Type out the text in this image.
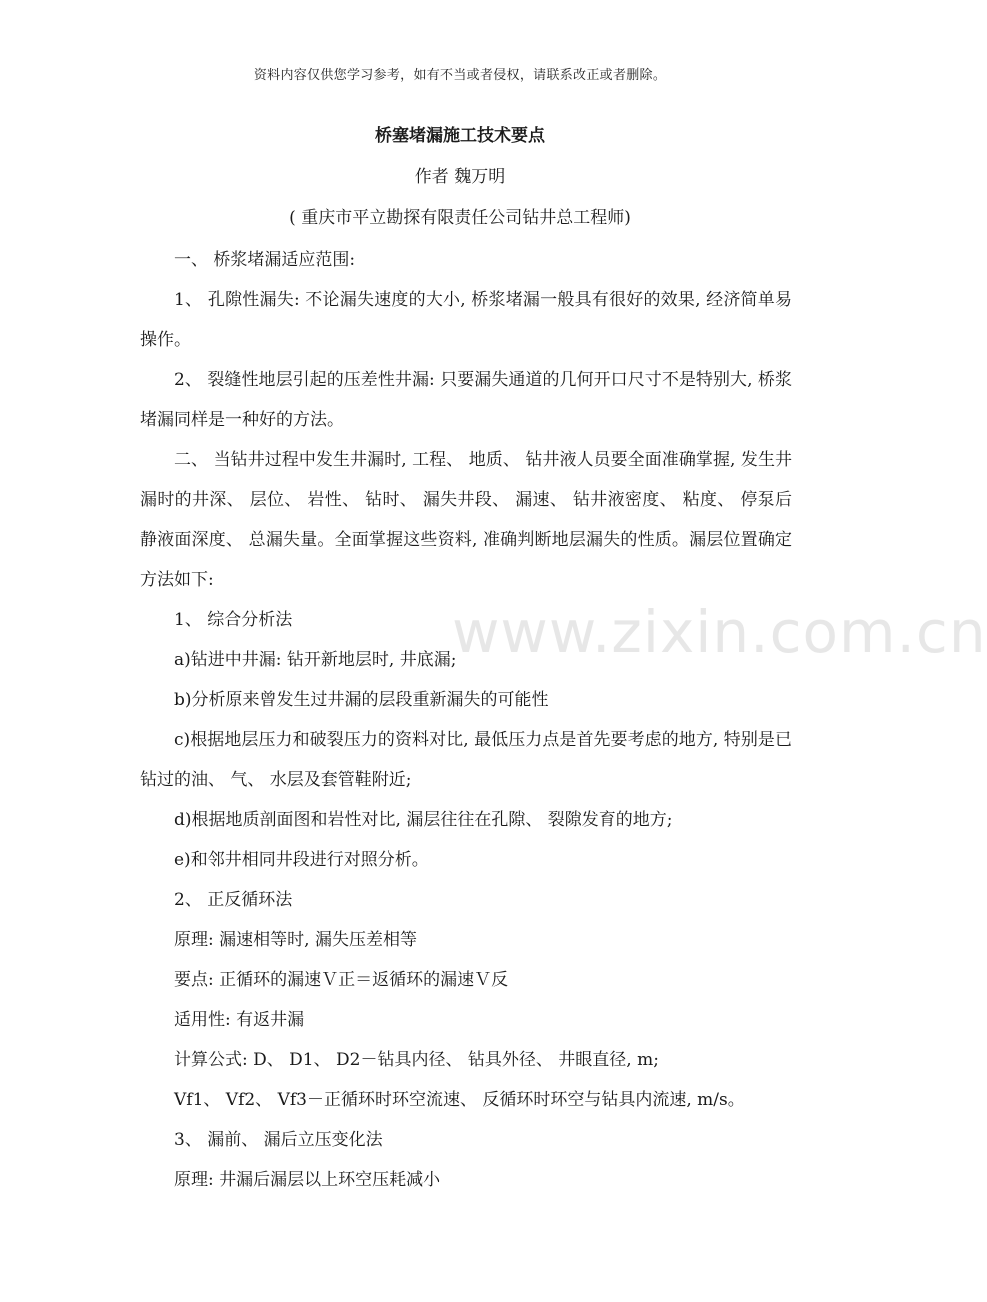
资料内容仅供您学习参考，如有不当或者侵权，请联系改正或者删除。
桥塞堵漏施工技术要点
作者 魏万明
( 重庆市平立勘探有限责任公司钻井总工程师)

一、 桥浆堵漏适应范围:

1、 孔隙性漏失: 不论漏失速度的大小, 桥浆堵漏一般具有很好的效果, 经济简单易操作。

2、 裂缝性地层引起的压差性井漏: 只要漏失通道的几何开口尺寸不是特别大, 桥浆堵漏同样是一种好的方法。

二、 当钻井过程中发生井漏时, 工程、 地质、 钻井液人员要全面准确掌握, 发生井漏时的井深、 层位、 岩性、 钻时、 漏失井段、 漏速、 钻井液密度、 粘度、 停泵后静液面深度、 总漏失量。全面掌握这些资料, 准确判断地层漏失的性质。漏层位置确定方法如下:

1、 综合分析法

a)钻进中井漏: 钻开新地层时, 井底漏;

b)分析原来曾发生过井漏的层段重新漏失的可能性

c)根据地层压力和破裂压力的资料对比, 最低压力点是首先要考虑的地方, 特别是已钻过的油、 气、 水层及套管鞋附近;

d)根据地质剖面图和岩性对比, 漏层往往在孔隙、 裂隙发育的地方;

e)和邻井相同井段进行对照分析。

2、 正反循环法

原理: 漏速相等时, 漏失压差相等

要点: 正循环的漏速Ｖ正＝返循环的漏速Ｖ反

适用性: 有返井漏

计算公式: D、 D1、 D2－钻具内径、 钻具外径、 井眼直径, m;

Vf1、 Vf2、 Vf3－正循环时环空流速、 反循环时环空与钻具内流速, m/s。

3、 漏前、 漏后立压变化法

原理: 井漏后漏层以上环空压耗减小

www.zixin.com.cn
